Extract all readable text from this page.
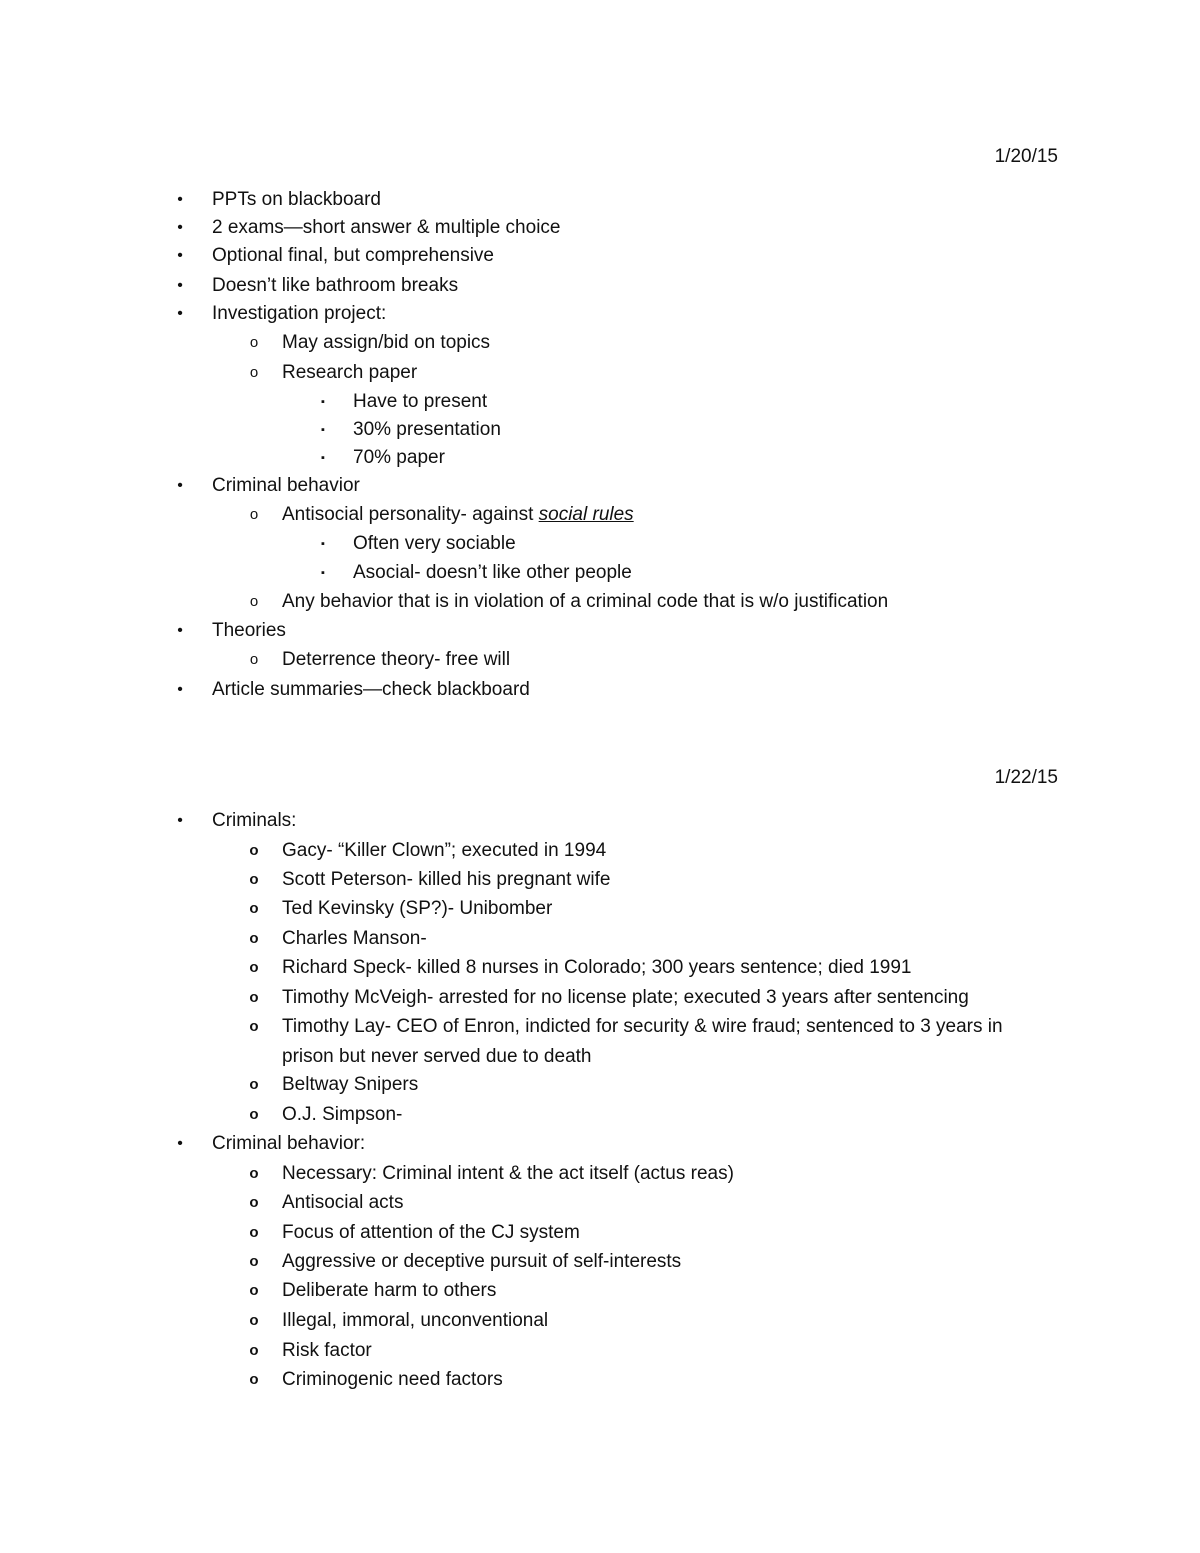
1/20/15
• PPTs on blackboard
• 2 exams—short answer & multiple choice
• Optional final, but comprehensive
• Doesn’t like bathroom breaks
• Investigation project:
o May assign/bid on topics
o Research paper
▪ Have to present
▪ 30% presentation
▪ 70% paper
• Criminal behavior
o Antisocial personality- against social rules
▪ Often very sociable
▪ Asocial- doesn’t like other people
o Any behavior that is in violation of a criminal code that is w/o justification
• Theories
o Deterrence theory- free will
• Article summaries—check blackboard
1/22/15
• Criminals:
o Gacy- “Killer Clown”; executed in 1994
o Scott Peterson- killed his pregnant wife
o Ted Kevinsky (SP?)- Unibomber
o Charles Manson-
o Richard Speck- killed 8 nurses in Colorado; 300 years sentence; died 1991
o Timothy McVeigh- arrested for no license plate; executed 3 years after sentencing
o Timothy Lay- CEO of Enron, indicted for security & wire fraud; sentenced to 3 years in
prison but never served due to death
o Beltway Snipers
o O.J. Simpson-
• Criminal behavior:
o Necessary: Criminal intent & the act itself (actus reas)
o Antisocial acts
o Focus of attention of the CJ system
o Aggressive or deceptive pursuit of self-interests
o Deliberate harm to others
o Illegal, immoral, unconventional
o Risk factor
o Criminogenic need factors
